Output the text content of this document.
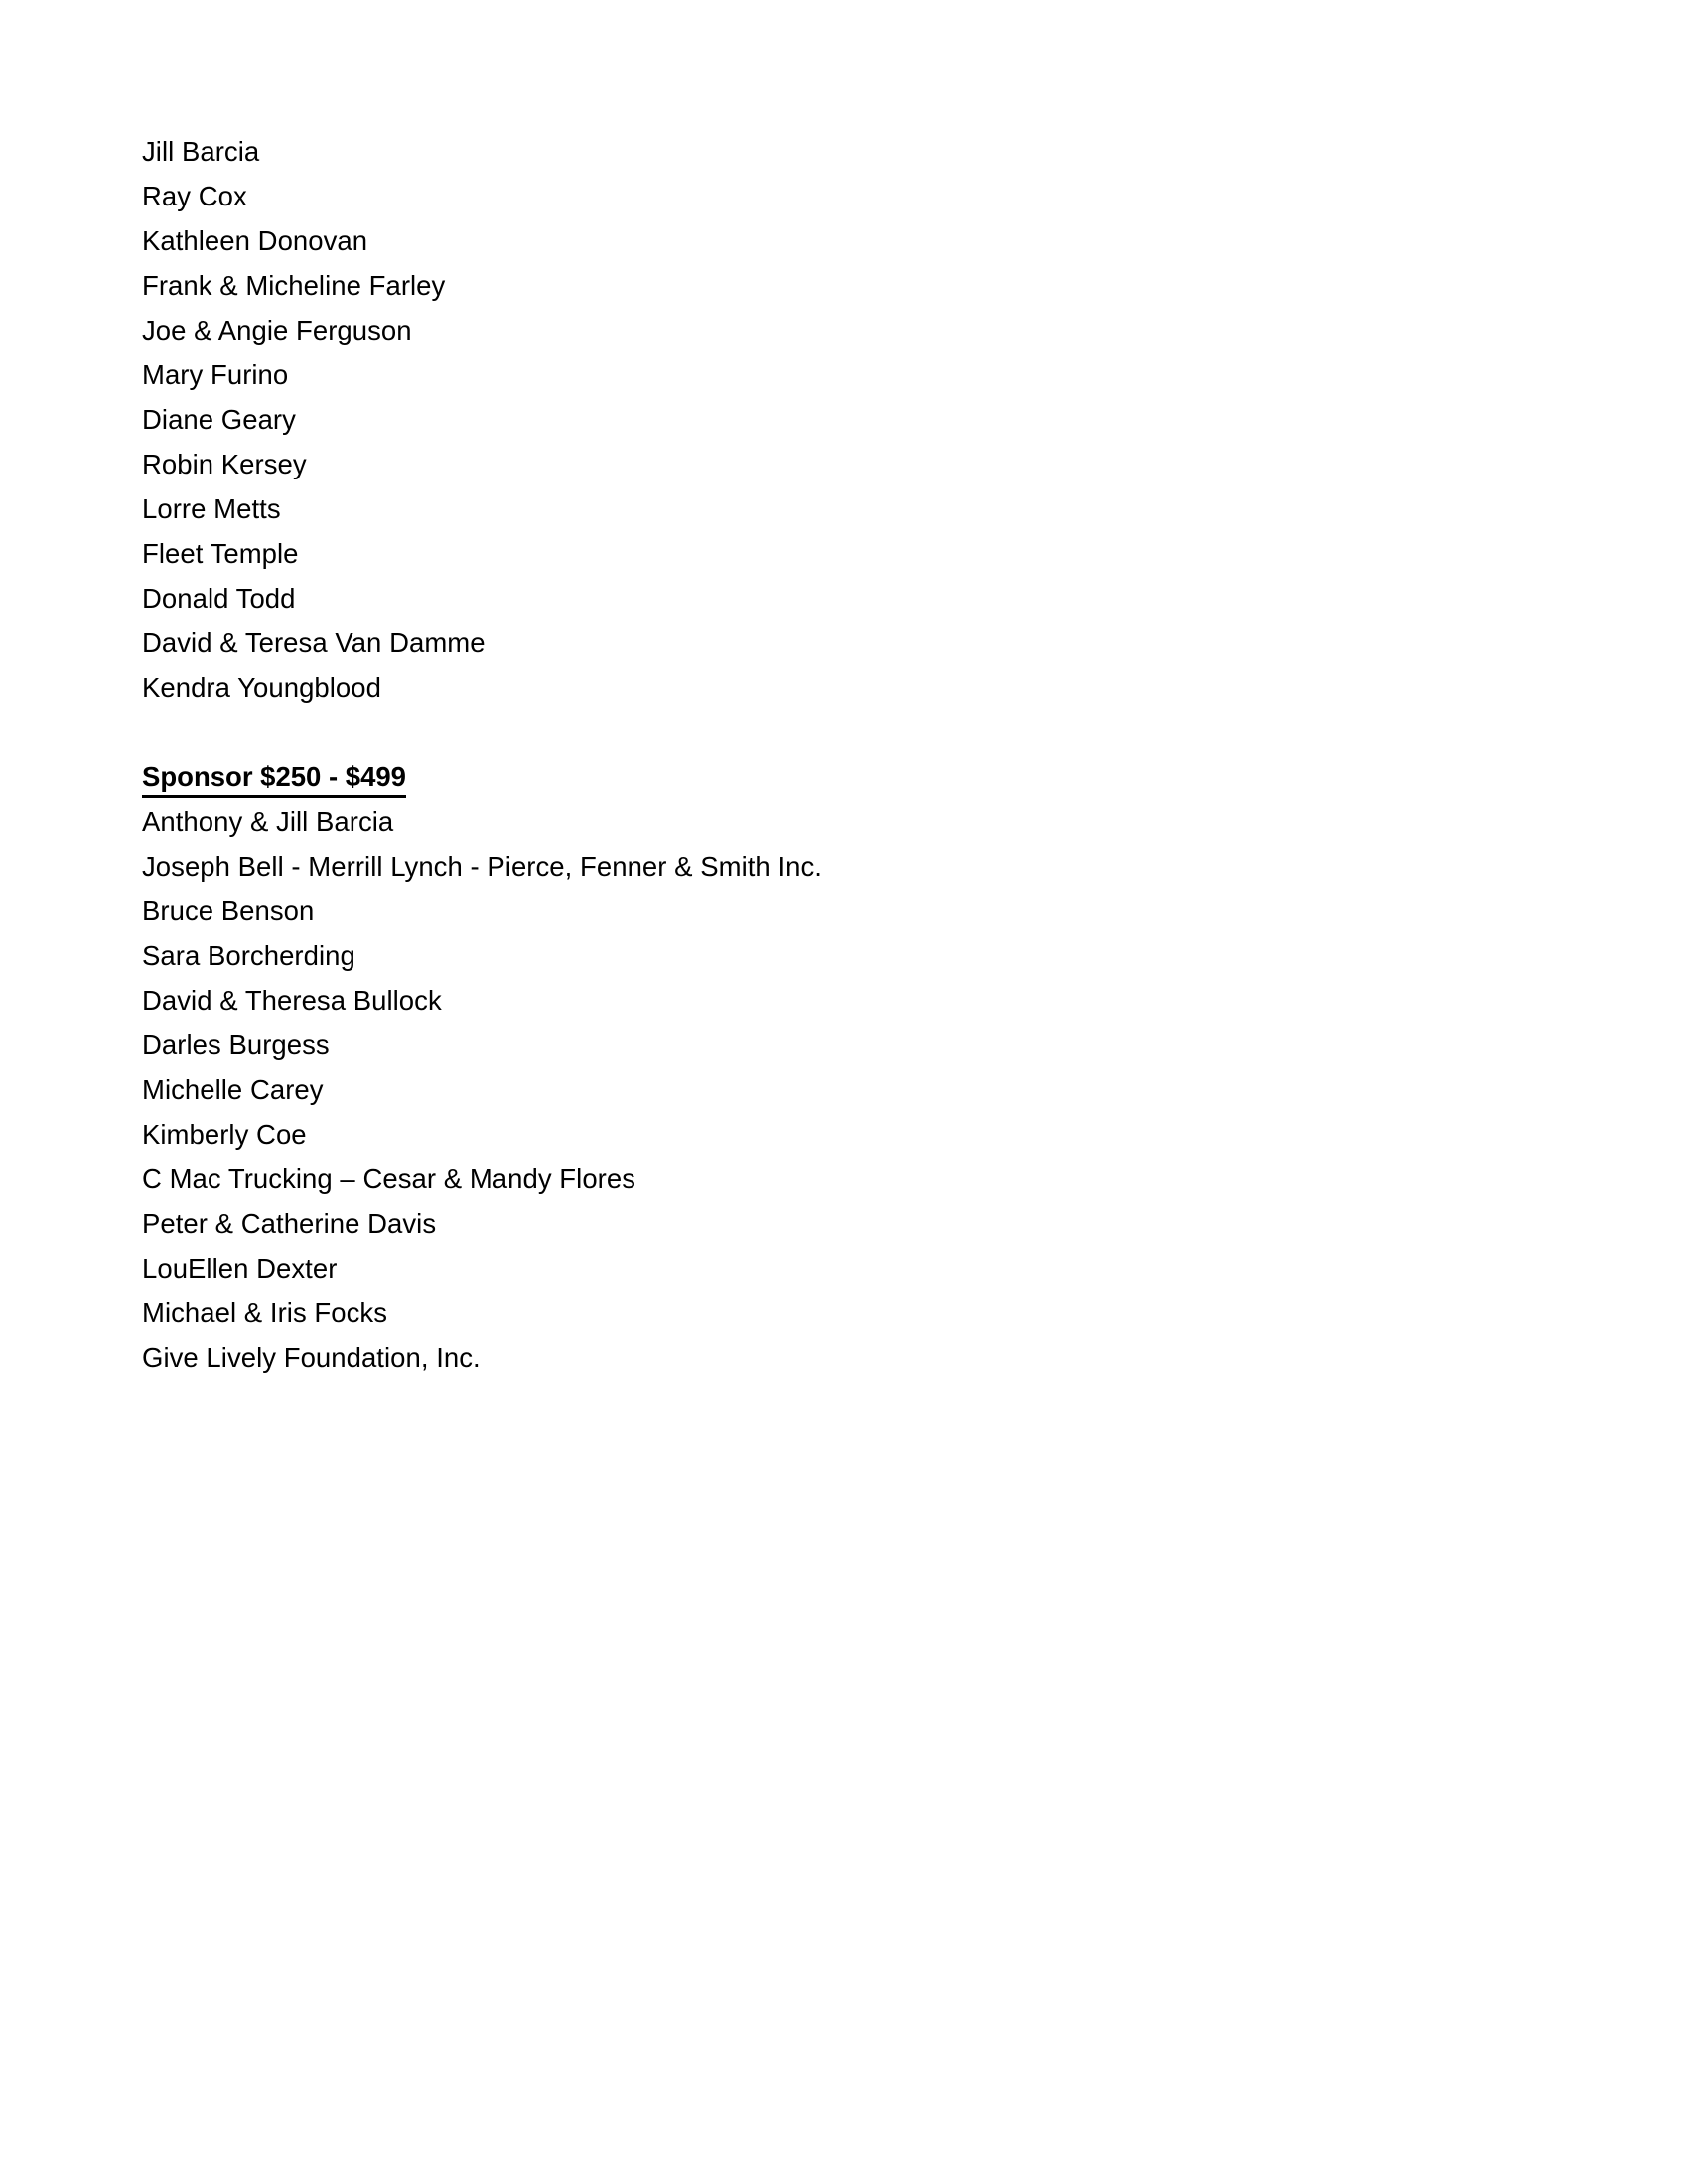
Jill Barcia
Ray Cox
Kathleen Donovan
Frank & Micheline Farley
Joe & Angie Ferguson
Mary Furino
Diane Geary
Robin Kersey
Lorre Metts
Fleet Temple
Donald Todd
David & Teresa Van Damme
Kendra Youngblood
Sponsor $250 - $499
Anthony & Jill Barcia
Joseph Bell - Merrill Lynch - Pierce, Fenner & Smith Inc.
Bruce Benson
Sara Borcherding
David & Theresa Bullock
Darles Burgess
Michelle Carey
Kimberly Coe
C Mac Trucking – Cesar & Mandy Flores
Peter & Catherine Davis
LouEllen Dexter
Michael & Iris Focks
Give Lively Foundation, Inc.
